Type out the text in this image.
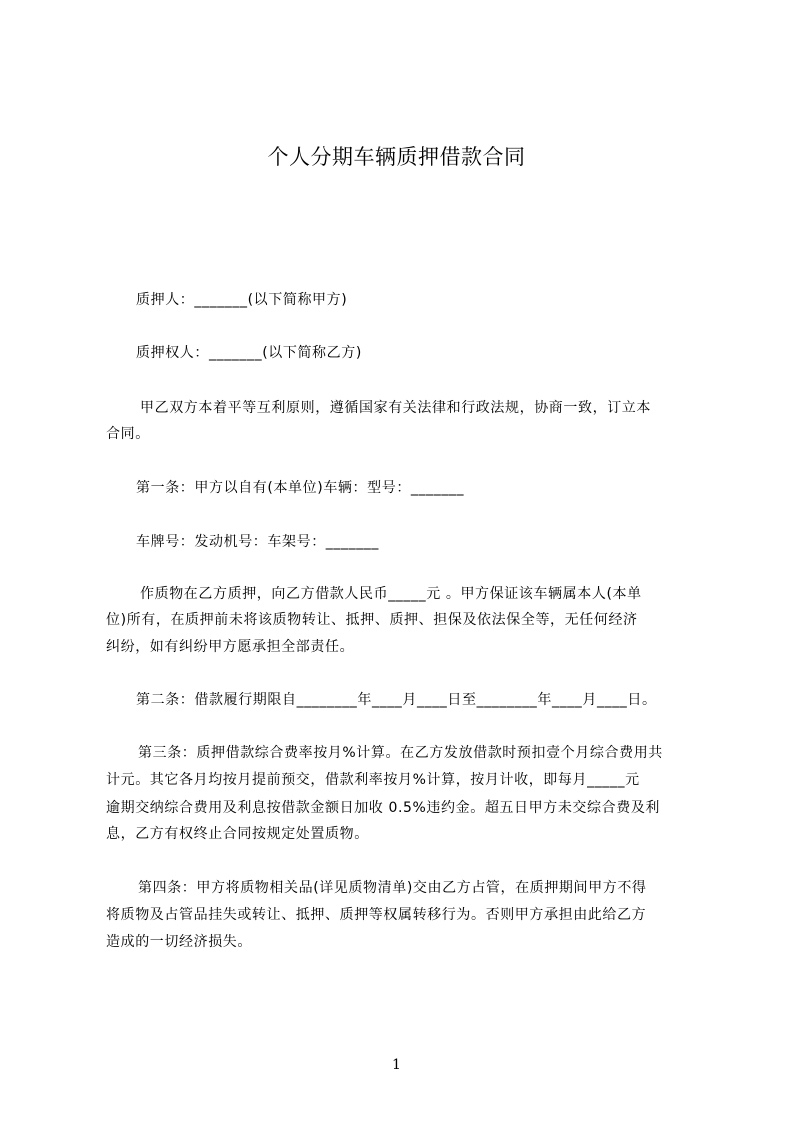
个人分期车辆质押借款合同
质押人：_______(以下简称甲方)
质押权人：_______(以下简称乙方)
甲乙双方本着平等互利原则，遵循国家有关法律和行政法规，协商一致，订立本
合同。
第一条：甲方以自有(本单位)车辆：型号：_______
车牌号：发动机号：车架号：_______
作质物在乙方质押，向乙方借款人民币_____元 。甲方保证该车辆属本人(本单
位)所有，在质押前未将该质物转让、抵押、质押、担保及依法保全等，无任何经济
纠纷，如有纠纷甲方愿承担全部责任。
第二条：借款履行期限自________年____月____日至________年____月____日。
第三条：质押借款综合费率按月%计算。在乙方发放借款时预扣壹个月综合费用共
计元。其它各月均按月提前预交，借款利率按月%计算，按月计收，即每月_____元
逾期交纳综合费用及利息按借款金额日加收 0.5%违约金。超五日甲方未交综合费及利
息，乙方有权终止合同按规定处置质物。
第四条：甲方将质物相关品(详见质物清单)交由乙方占管，在质押期间甲方不得
将质物及占管品挂失或转让、抵押、质押等权属转移行为。否则甲方承担由此给乙方
造成的一切经济损失。
1
